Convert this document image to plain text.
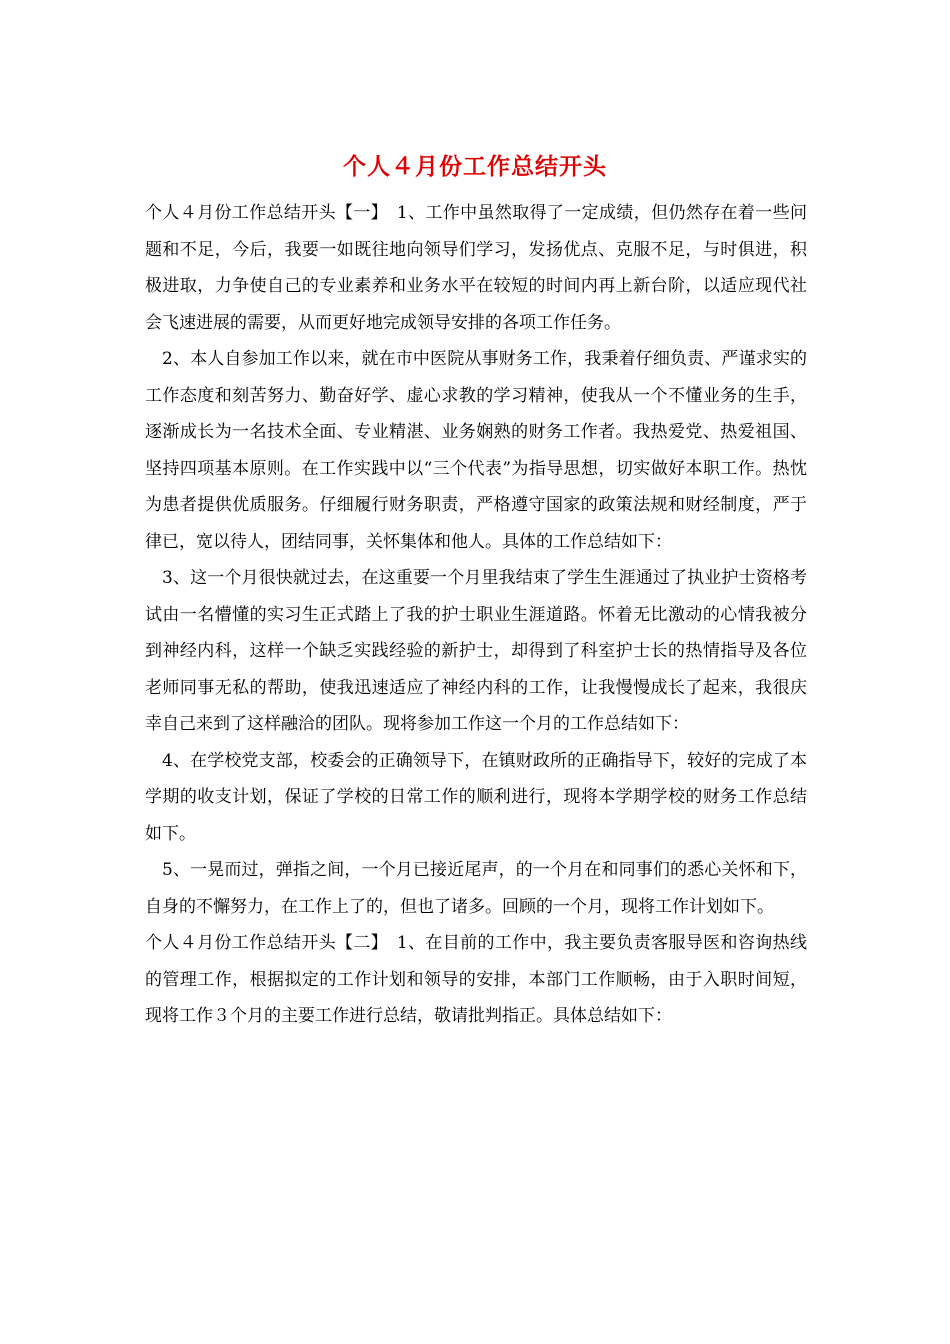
个人４月份工作总结开头

个人４月份工作总结开头【一】　1、工作中虽然取得了一定成绩，但仍然存在着一些问题和不足，今后，我要一如既往地向领导们学习，发扬优点、克服不足，与时俱进，积极进取，力争使自己的专业素养和业务水平在较短的时间内再上新台阶，以适应现代社会飞速进展的需要，从而更好地完成领导安排的各项工作任务。

2、本人自参加工作以来，就在市中医院从事财务工作，我秉着仔细负责、严谨求实的工作态度和刻苦努力、勤奋好学、虚心求教的学习精神，使我从一个不懂业务的生手，逐渐成长为一名技术全面、专业精湛、业务娴熟的财务工作者。我热爱党、热爱祖国、坚持四项基本原则。在工作实践中以“三个代表”为指导思想，切实做好本职工作。热忱为患者提供优质服务。仔细履行财务职责，严格遵守国家的政策法规和财经制度，严于律已，宽以待人，团结同事，关怀集体和他人。具体的工作总结如下：

3、这一个月很快就过去，在这重要一个月里我结束了学生生涯通过了执业护士资格考试由一名懵懂的实习生正式踏上了我的护士职业生涯道路。怀着无比激动的心情我被分到神经内科，这样一个缺乏实践经验的新护士，却得到了科室护士长的热情指导及各位老师同事无私的帮助，使我迅速适应了神经内科的工作，让我慢慢成长了起来，我很庆幸自己来到了这样融洽的团队。现将参加工作这一个月的工作总结如下：

4、在学校党支部，校委会的正确领导下，在镇财政所的正确指导下，较好的完成了本学期的收支计划，保证了学校的日常工作的顺利进行，现将本学期学校的财务工作总结如下。

5、一晃而过，弹指之间，一个月已接近尾声，的一个月在和同事们的悉心关怀和下，自身的不懈努力，在工作上了的，但也了诸多。回顾的一个月，现将工作计划如下。

个人４月份工作总结开头【二】　1、在目前的工作中，我主要负责客服导医和咨询热线的管理工作，根据拟定的工作计划和领导的安排，本部门工作顺畅，由于入职时间短，现将工作３个月的主要工作进行总结，敬请批判指正。具体总结如下：
